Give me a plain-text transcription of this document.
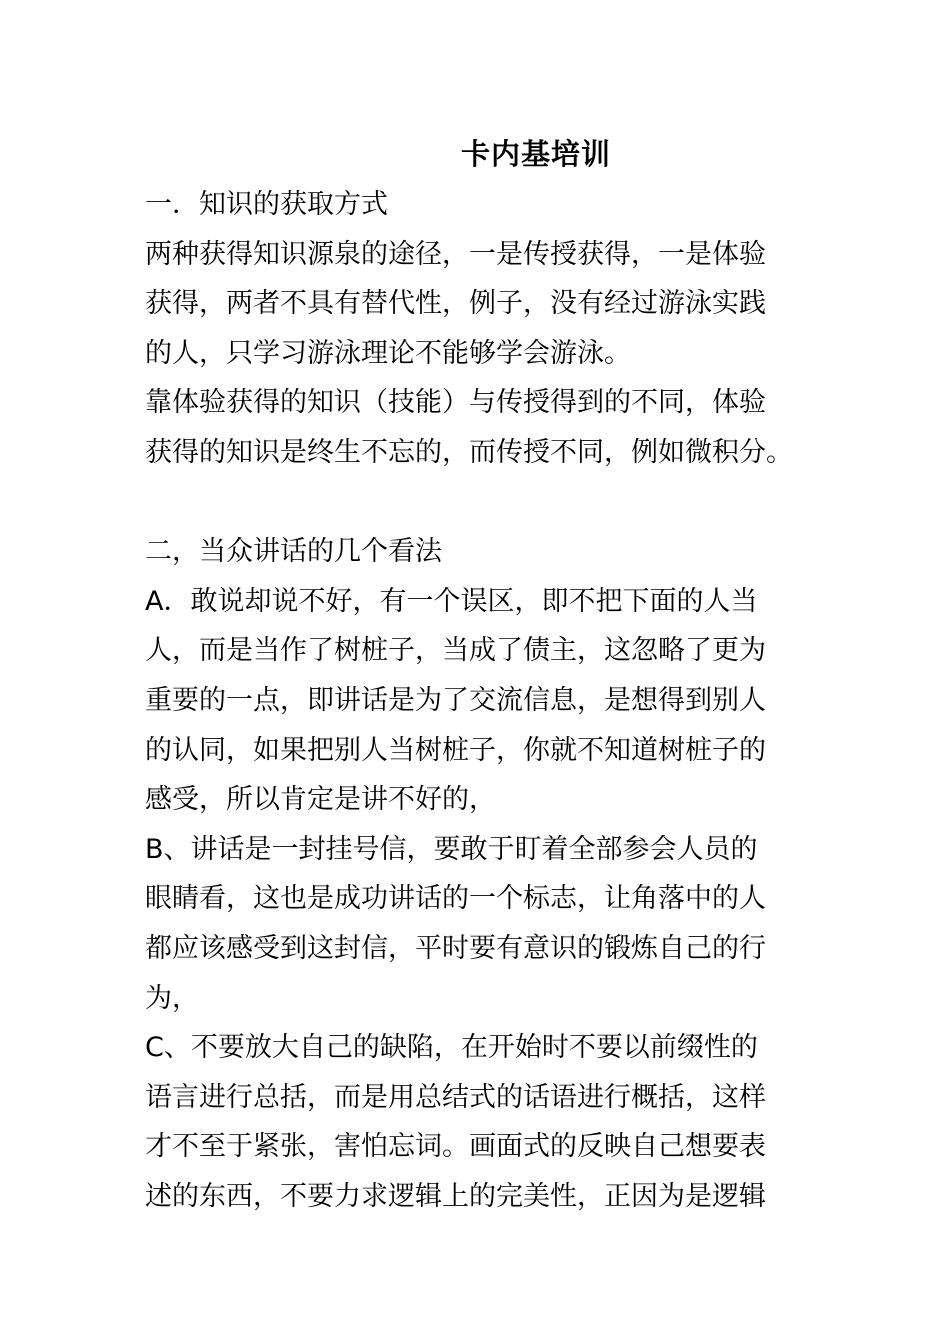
卡内基培训
一．知识的获取方式
两种获得知识源泉的途径，一是传授获得，一是体验
获得，两者不具有替代性，例子，没有经过游泳实践
的人，只学习游泳理论不能够学会游泳。
靠体验获得的知识（技能）与传授得到的不同，体验
获得的知识是终生不忘的，而传授不同，例如微积分。
二，当众讲话的几个看法
A．敢说却说不好，有一个误区，即不把下面的人当
人，而是当作了树桩子，当成了债主，这忽略了更为
重要的一点，即讲话是为了交流信息，是想得到别人
的认同，如果把别人当树桩子，你就不知道树桩子的
感受，所以肯定是讲不好的，
B、讲话是一封挂号信，要敢于盯着全部参会人员的
眼睛看，这也是成功讲话的一个标志，让角落中的人
都应该感受到这封信，平时要有意识的锻炼自己的行
为，
C、不要放大自己的缺陷，在开始时不要以前缀性的
语言进行总括，而是用总结式的话语进行概括，这样
才不至于紧张，害怕忘词。画面式的反映自己想要表
述的东西，不要力求逻辑上的完美性，正因为是逻辑
